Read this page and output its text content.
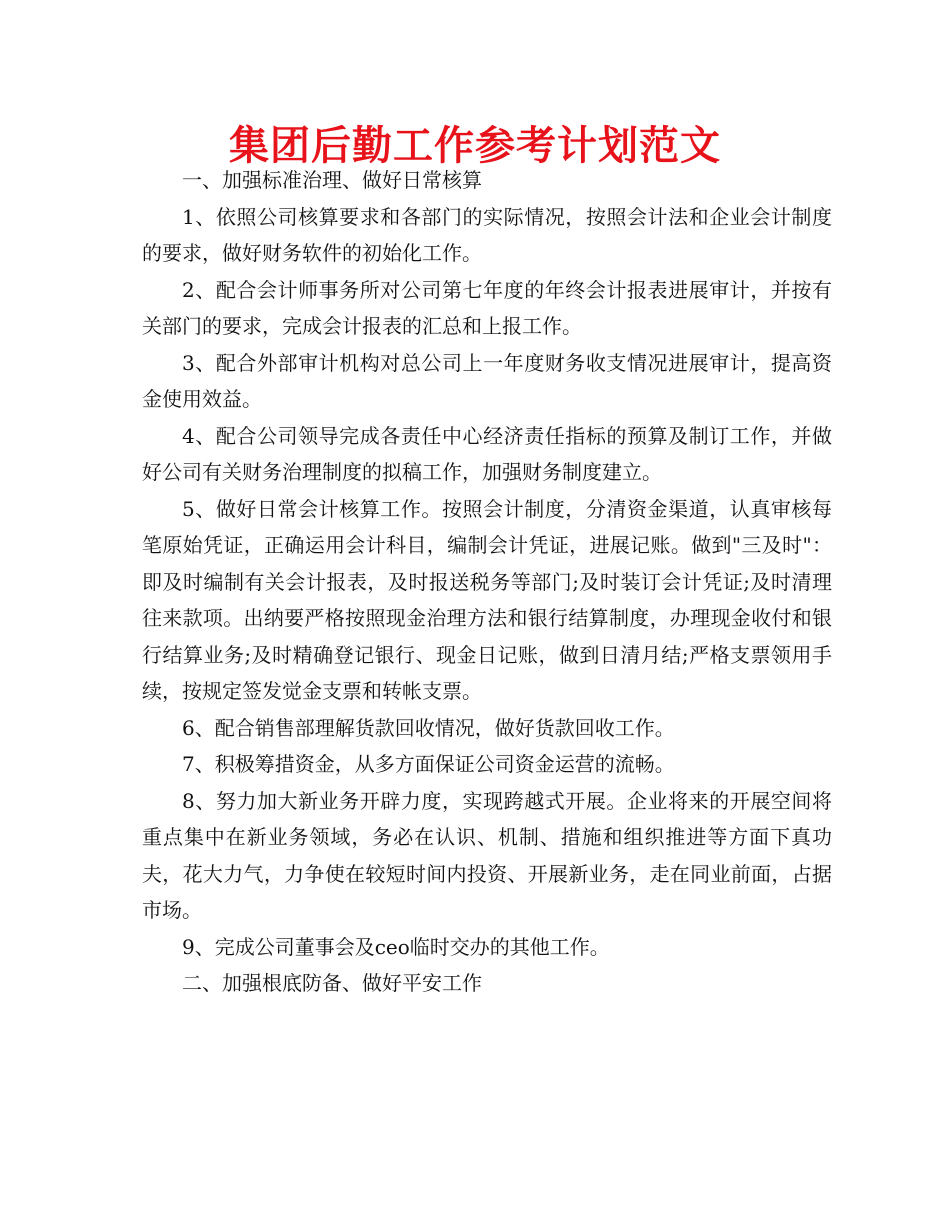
集团后勤工作参考计划范文

一、加强标准治理、做好日常核算

1、依照公司核算要求和各部门的实际情况，按照会计法和企业会计制度的要求，做好财务软件的初始化工作。

2、配合会计师事务所对公司第七年度的年终会计报表进展审计，并按有关部门的要求，完成会计报表的汇总和上报工作。

3、配合外部审计机构对总公司上一年度财务收支情况进展审计，提高资金使用效益。

4、配合公司领导完成各责任中心经济责任指标的预算及制订工作，并做好公司有关财务治理制度的拟稿工作，加强财务制度建立。

5、做好日常会计核算工作。按照会计制度，分清资金渠道，认真审核每笔原始凭证，正确运用会计科目，编制会计凭证，进展记账。做到"三及时"：即及时编制有关会计报表，及时报送税务等部门;及时装订会计凭证;及时清理往来款项。出纳要严格按照现金治理方法和银行结算制度，办理现金收付和银行结算业务;及时精确登记银行、现金日记账，做到日清月结;严格支票领用手续，按规定签发觉金支票和转帐支票。

6、配合销售部理解货款回收情况，做好货款回收工作。

7、积极筹措资金，从多方面保证公司资金运营的流畅。

8、努力加大新业务开辟力度，实现跨越式开展。企业将来的开展空间将重点集中在新业务领域，务必在认识、机制、措施和组织推进等方面下真功夫，花大力气，力争使在较短时间内投资、开展新业务，走在同业前面，占据市场。

9、完成公司董事会及ceo临时交办的其他工作。

二、加强根底防备、做好平安工作
